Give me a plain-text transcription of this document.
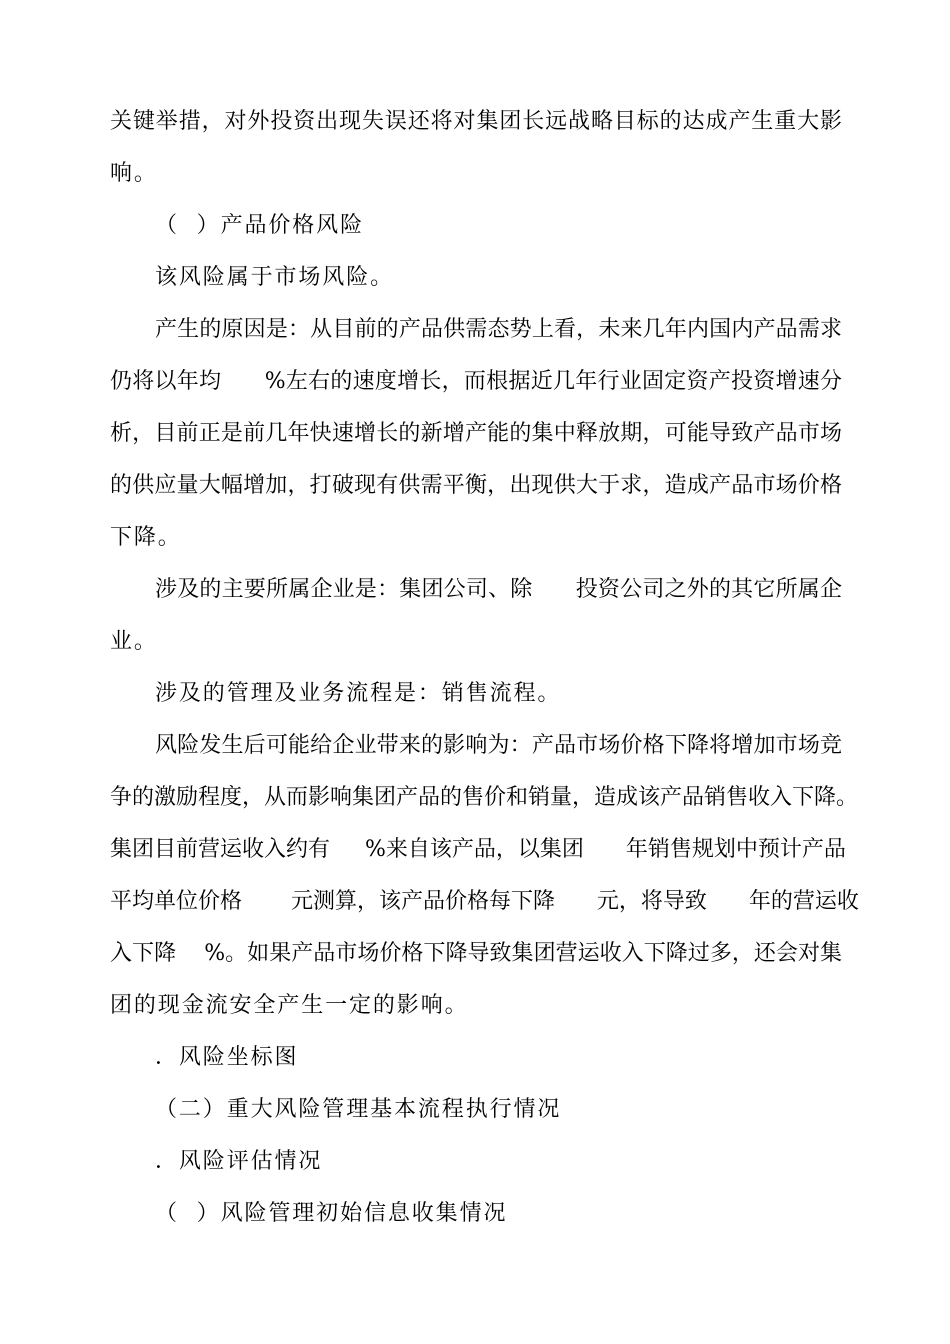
关键举措，对外投资出现失误还将对集团长远战略目标的达成产生重大影
响。
（  ）产品价格风险
该风险属于市场风险。
产生的原因是：从目前的产品供需态势上看，未来几年内国内产品需求
仍将以年均      %左右的速度增长，而根据近几年行业固定资产投资增速分
析，目前正是前几年快速增长的新增产能的集中释放期，可能导致产品市场
的供应量大幅增加，打破现有供需平衡，出现供大于求，造成产品市场价格
下降。
涉及的主要所属企业是：集团公司、除      投资公司之外的其它所属企
业。
涉及的管理及业务流程是：销售流程。
风险发生后可能给企业带来的影响为：产品市场价格下降将增加市场竞
争的激励程度，从而影响集团产品的售价和销量，造成该产品销售收入下降。
集团目前营运收入约有     %来自该产品，以集团      年销售规划中预计产品
平均单位价格       元测算，该产品价格每下降      元，将导致      年的营运收
入下降    %。如果产品市场价格下降导致集团营运收入下降过多，还会对集
团的现金流安全产生一定的影响。
．风险坐标图
（二）重大风险管理基本流程执行情况
．风险评估情况
（  ）风险管理初始信息收集情况
